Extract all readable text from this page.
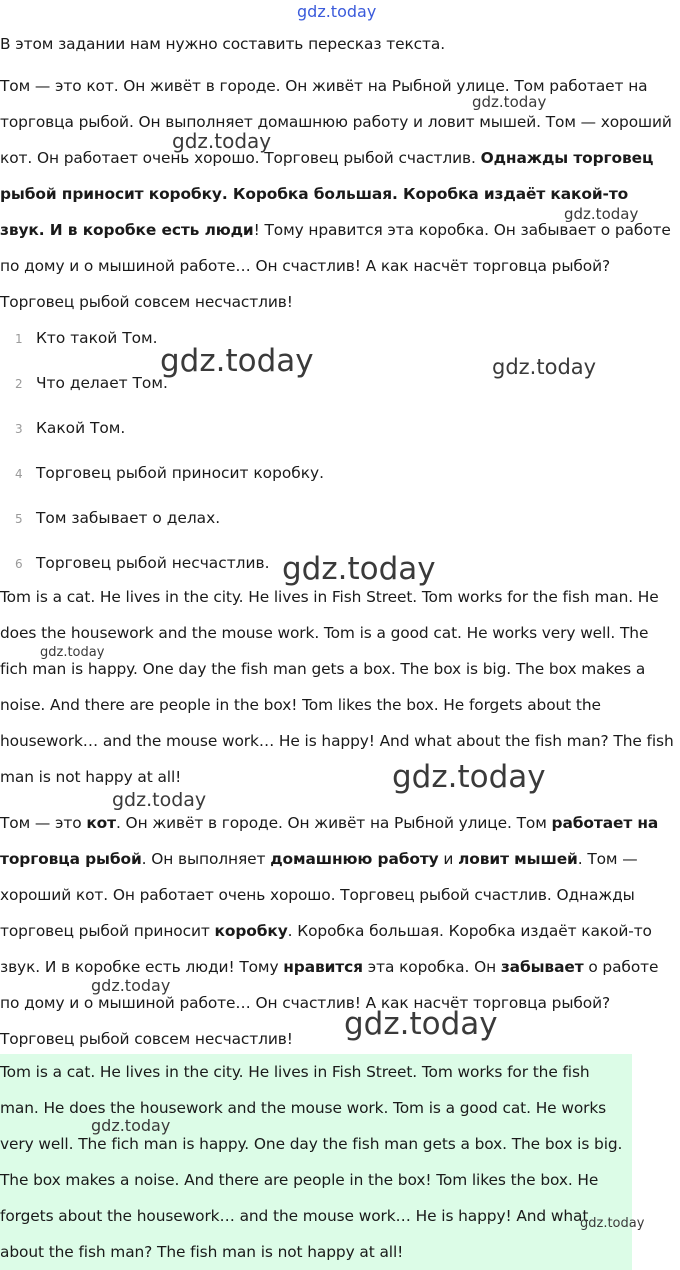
gdz.today

В этом задании нам нужно составить пересказ текста.

Том — это кот. Он живёт в городе. Он живёт на Рыбной улице. Том работает на торговца рыбой. Он выполняет домашнюю работу и ловит мышей. Том — хороший кот. Он работает очень хорошо. Торговец рыбой счастлив. Однажды торговец рыбой приносит коробку. Коробка большая. Коробка издаёт какой-то звук. И в коробке есть люди! Тому нравится эта коробка. Он забывает о работе по дому и о мышиной работе… Он счастлив! А как насчёт торговца рыбой? Торговец рыбой совсем несчастлив!

1 Кто такой Том.
2 Что делает Том.
3 Какой Том.
4 Торговец рыбой приносит коробку.
5 Том забывает о делах.
6 Торговец рыбой несчастлив.

Tom is a cat. He lives in the city. He lives in Fish Street. Tom works for the fish man. He does the housework and the mouse work. Tom is a good cat. He works very well. The fich man is happy. One day the fish man gets a box. The box is big. The box makes a noise. And there are people in the box! Tom likes the box. He forgets about the housework… and the mouse work… He is happy! And what about the fish man? The fish man is not happy at all!

Том — это кот. Он живёт в городе. Он живёт на Рыбной улице. Том работает на торговца рыбой. Он выполняет домашнюю работу и ловит мышей. Том — хороший кот. Он работает очень хорошо. Торговец рыбой счастлив. Однажды торговец рыбой приносит коробку. Коробка большая. Коробка издаёт какой-то звук. И в коробке есть люди! Тому нравится эта коробка. Он забывает о работе по дому и о мышиной работе… Он счастлив! А как насчёт торговца рыбой? Торговец рыбой совсем несчастлив!

Tom is a cat. He lives in the city. He lives in Fish Street. Tom works for the fish man. He does the housework and the mouse work. Tom is a good cat. He works very well. The fich man is happy. One day the fish man gets a box. The box is big. The box makes a noise. And there are people in the box! Tom likes the box. He forgets about the housework… and the mouse work… He is happy! And what about the fish man? The fish man is not happy at all!

gdz.today
gdz.today
gdz.today
gdz.today	gdz.today
gdz.today
gdz.today
gdz.today
gdz.today
gdz.today
gdz.today
gdz.today
gdz.today
